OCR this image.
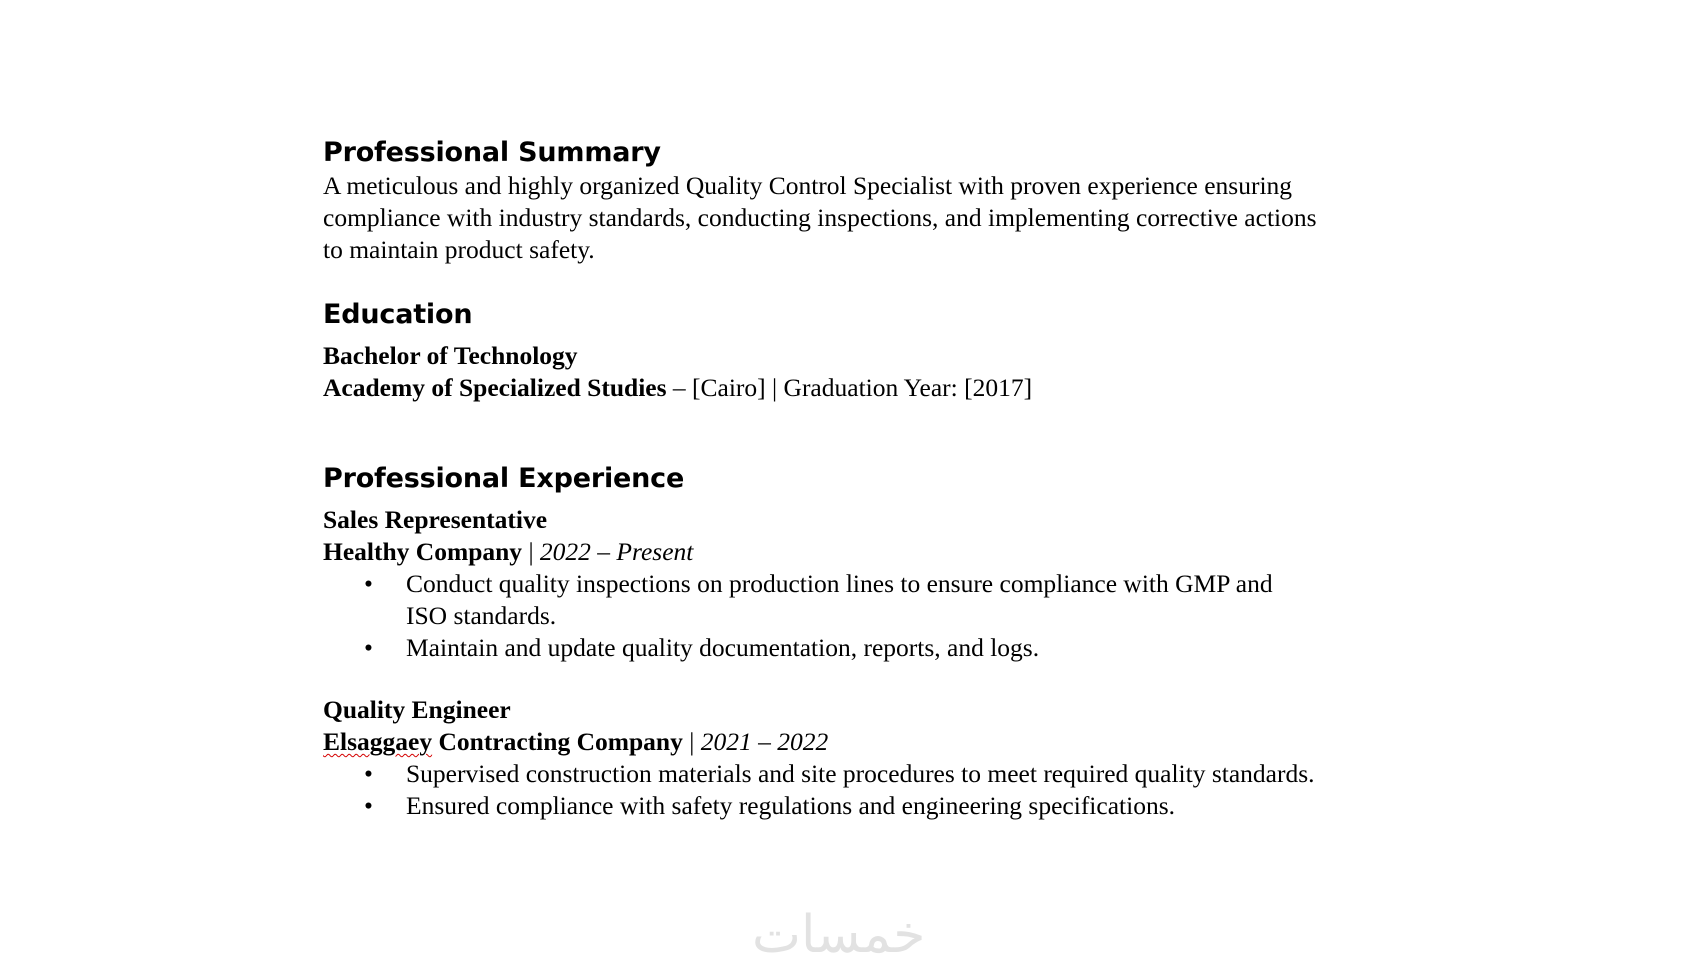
Professional Summary

A meticulous and highly organized Quality Control Specialist with proven experience ensuring compliance with industry standards, conducting inspections, and implementing corrective actions to maintain product safety.

Education

Bachelor of Technology

Academy of Specialized Studies – [Cairo] | Graduation Year: [2017]

Professional Experience

Sales Representative

Healthy Company | 2022 – Present

• Conduct quality inspections on production lines to ensure compliance with GMP and ISO standards.
• Maintain and update quality documentation, reports, and logs.

Quality Engineer

Elsaggaey Contracting Company | 2021 – 2022

• Supervised construction materials and site procedures to meet required quality standards.
• Ensured compliance with safety regulations and engineering specifications.
خمسات
